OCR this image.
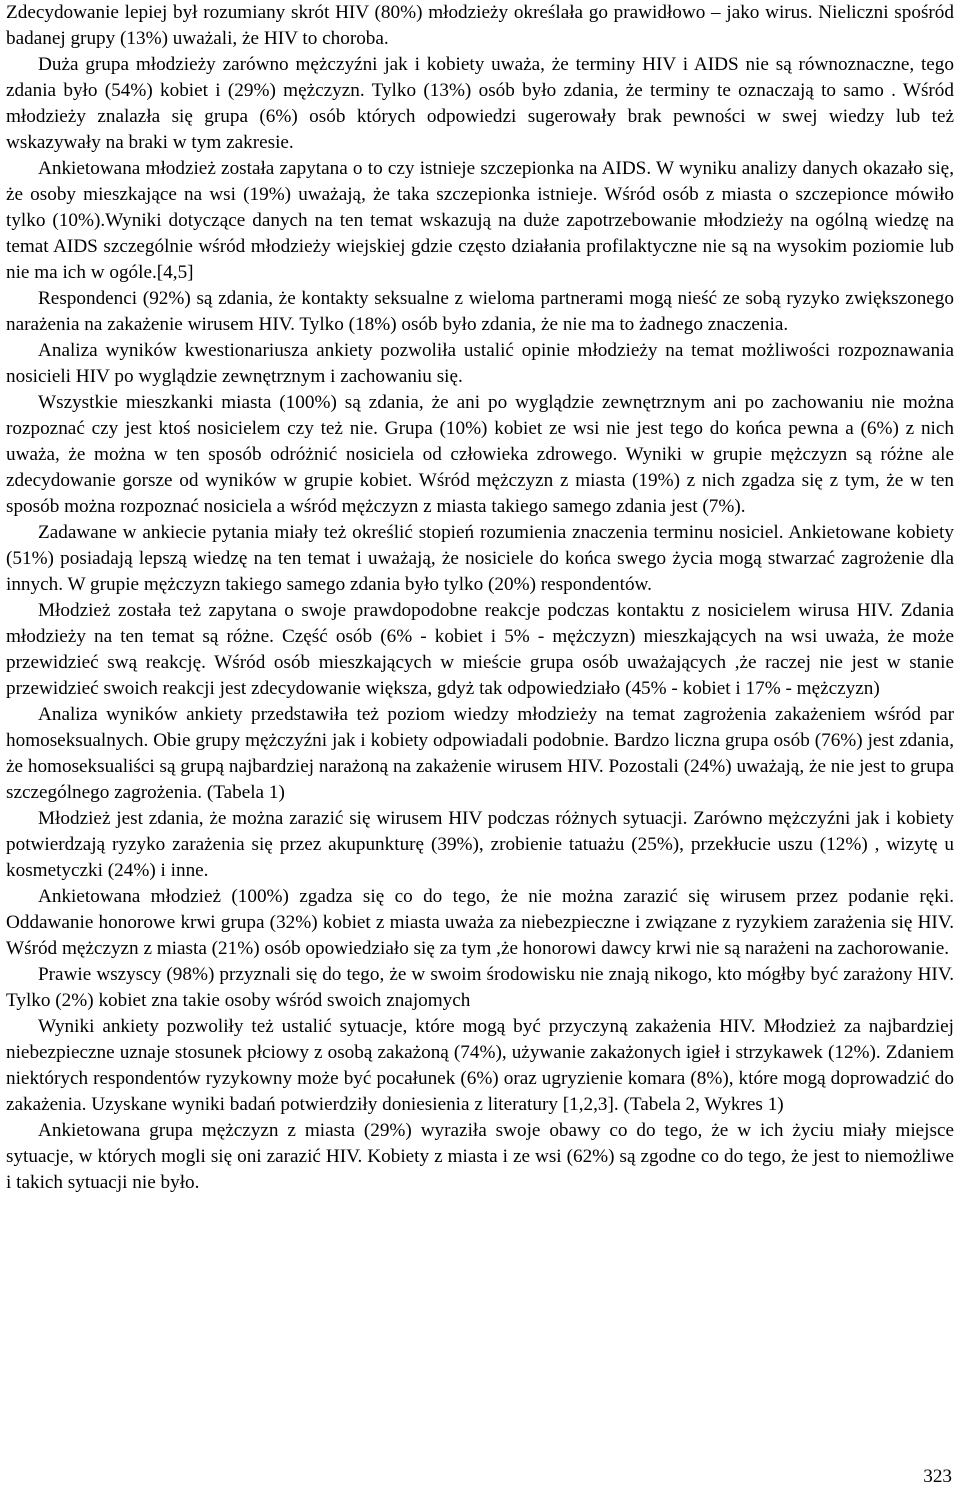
Zdecydowanie lepiej był rozumiany skrót HIV (80%) młodzieży określała go prawidłowo – jako wirus. Nieliczni spośród badanej grupy (13%) uważali, że HIV to choroba.

Duża grupa młodzieży zarówno mężczyźni jak i kobiety uważa, że terminy HIV i AIDS nie są równoznaczne, tego zdania było (54%) kobiet i (29%) mężczyzn. Tylko (13%) osób było zdania, że terminy te oznaczają to samo . Wśród młodzieży znalazła się grupa (6%) osób których odpowiedzi sugerowały brak pewności w swej wiedzy lub też wskazywały na braki w tym zakresie.

Ankietowana młodzież została zapytana o to czy istnieje szczepionka na AIDS. W wyniku analizy danych okazało się, że osoby mieszkające na wsi (19%) uważają, że taka szczepionka istnieje. Wśród osób z miasta o szczepionce mówiło tylko (10%).Wyniki dotyczące danych na ten temat wskazują na duże zapotrzebowanie młodzieży na ogólną wiedzę na temat AIDS szczególnie wśród młodzieży wiejskiej gdzie często działania profilaktyczne nie są na wysokim poziomie lub nie ma ich w ogóle.[4,5]

Respondenci (92%) są zdania, że kontakty seksualne z wieloma partnerami mogą nieść ze sobą ryzyko zwiększonego narażenia na zakażenie wirusem HIV. Tylko (18%) osób było zdania, że nie ma to żadnego znaczenia.

Analiza wyników kwestionariusza ankiety pozwoliła ustalić opinie młodzieży na temat możliwości rozpoznawania nosicieli HIV po wyglądzie zewnętrznym i zachowaniu się.

Wszystkie mieszkanki miasta (100%) są zdania, że ani po wyglądzie zewnętrznym ani po zachowaniu nie można rozpoznać czy jest ktoś nosicielem czy też nie. Grupa (10%) kobiet ze wsi nie jest tego do końca pewna a (6%) z nich uważa, że można w ten sposób odróżnić nosiciela od człowieka zdrowego. Wyniki w grupie mężczyzn są różne ale zdecydowanie gorsze od wyników w grupie kobiet. Wśród mężczyzn z miasta (19%) z nich zgadza się z tym, że w ten sposób można rozpoznać nosiciela a wśród mężczyzn z miasta takiego samego zdania jest (7%).

Zadawane w ankiecie pytania miały też określić stopień rozumienia znaczenia terminu nosiciel. Ankietowane kobiety (51%) posiadają lepszą wiedzę na ten temat i uważają, że nosiciele do końca swego życia mogą stwarzać zagrożenie dla innych. W grupie mężczyzn takiego samego zdania było tylko (20%) respondentów.

Młodzież została też zapytana o swoje prawdopodobne reakcje podczas kontaktu z nosicielem wirusa HIV. Zdania młodzieży na ten temat są różne. Część osób (6% - kobiet i 5% - mężczyzn) mieszkających na wsi uważa, że może przewidzieć swą reakcję. Wśród osób mieszkających w mieście grupa osób uważających ,że raczej nie jest w stanie przewidzieć swoich reakcji jest zdecydowanie większa, gdyż tak odpowiedziało (45% - kobiet i 17% - mężczyzn)

Analiza wyników ankiety przedstawiła też poziom wiedzy młodzieży na temat zagrożenia zakażeniem wśród par homoseksualnych. Obie grupy mężczyźni jak i kobiety odpowiadali podobnie. Bardzo liczna grupa osób (76%) jest zdania, że homoseksualiści są grupą najbardziej narażoną na zakażenie wirusem HIV. Pozostali (24%) uważają, że nie jest to grupa szczególnego zagrożenia. (Tabela 1)

Młodzież jest zdania, że można zarazić się wirusem HIV podczas różnych sytuacji. Zarówno mężczyźni jak i kobiety potwierdzają ryzyko zarażenia się przez akupunkturę (39%), zrobienie tatuażu (25%), przekłucie uszu (12%) , wizytę u kosmetyczki (24%) i inne.

Ankietowana młodzież (100%) zgadza się co do tego, że nie można zarazić się wirusem przez podanie ręki. Oddawanie honorowe krwi grupa (32%) kobiet z miasta uważa za niebezpieczne i związane z ryzykiem zarażenia się HIV. Wśród mężczyzn z miasta (21%) osób opowiedziało się za tym ,że honorowi dawcy krwi nie są narażeni na zachorowanie.

Prawie wszyscy (98%) przyznali się do tego, że w swoim środowisku nie znają nikogo, kto mógłby być zarażony HIV. Tylko (2%) kobiet zna takie osoby wśród swoich znajomych

Wyniki ankiety pozwoliły też ustalić sytuacje, które mogą być przyczyną zakażenia HIV. Młodzież za najbardziej niebezpieczne uznaje stosunek płciowy z osobą zakażoną (74%), używanie zakażonych igieł i strzykawek (12%). Zdaniem niektórych respondentów ryzykowny może być pocałunek (6%) oraz ugryzienie komara (8%), które mogą doprowadzić do zakażenia. Uzyskane wyniki badań potwierdziły doniesienia z literatury [1,2,3]. (Tabela 2, Wykres 1)

Ankietowana grupa mężczyzn z miasta (29%) wyraziła swoje obawy co do tego, że w ich życiu miały miejsce sytuacje, w których mogli się oni zarazić HIV. Kobiety z miasta i ze wsi (62%) są zgodne co do tego, że jest to niemożliwe i takich sytuacji nie było.

323
